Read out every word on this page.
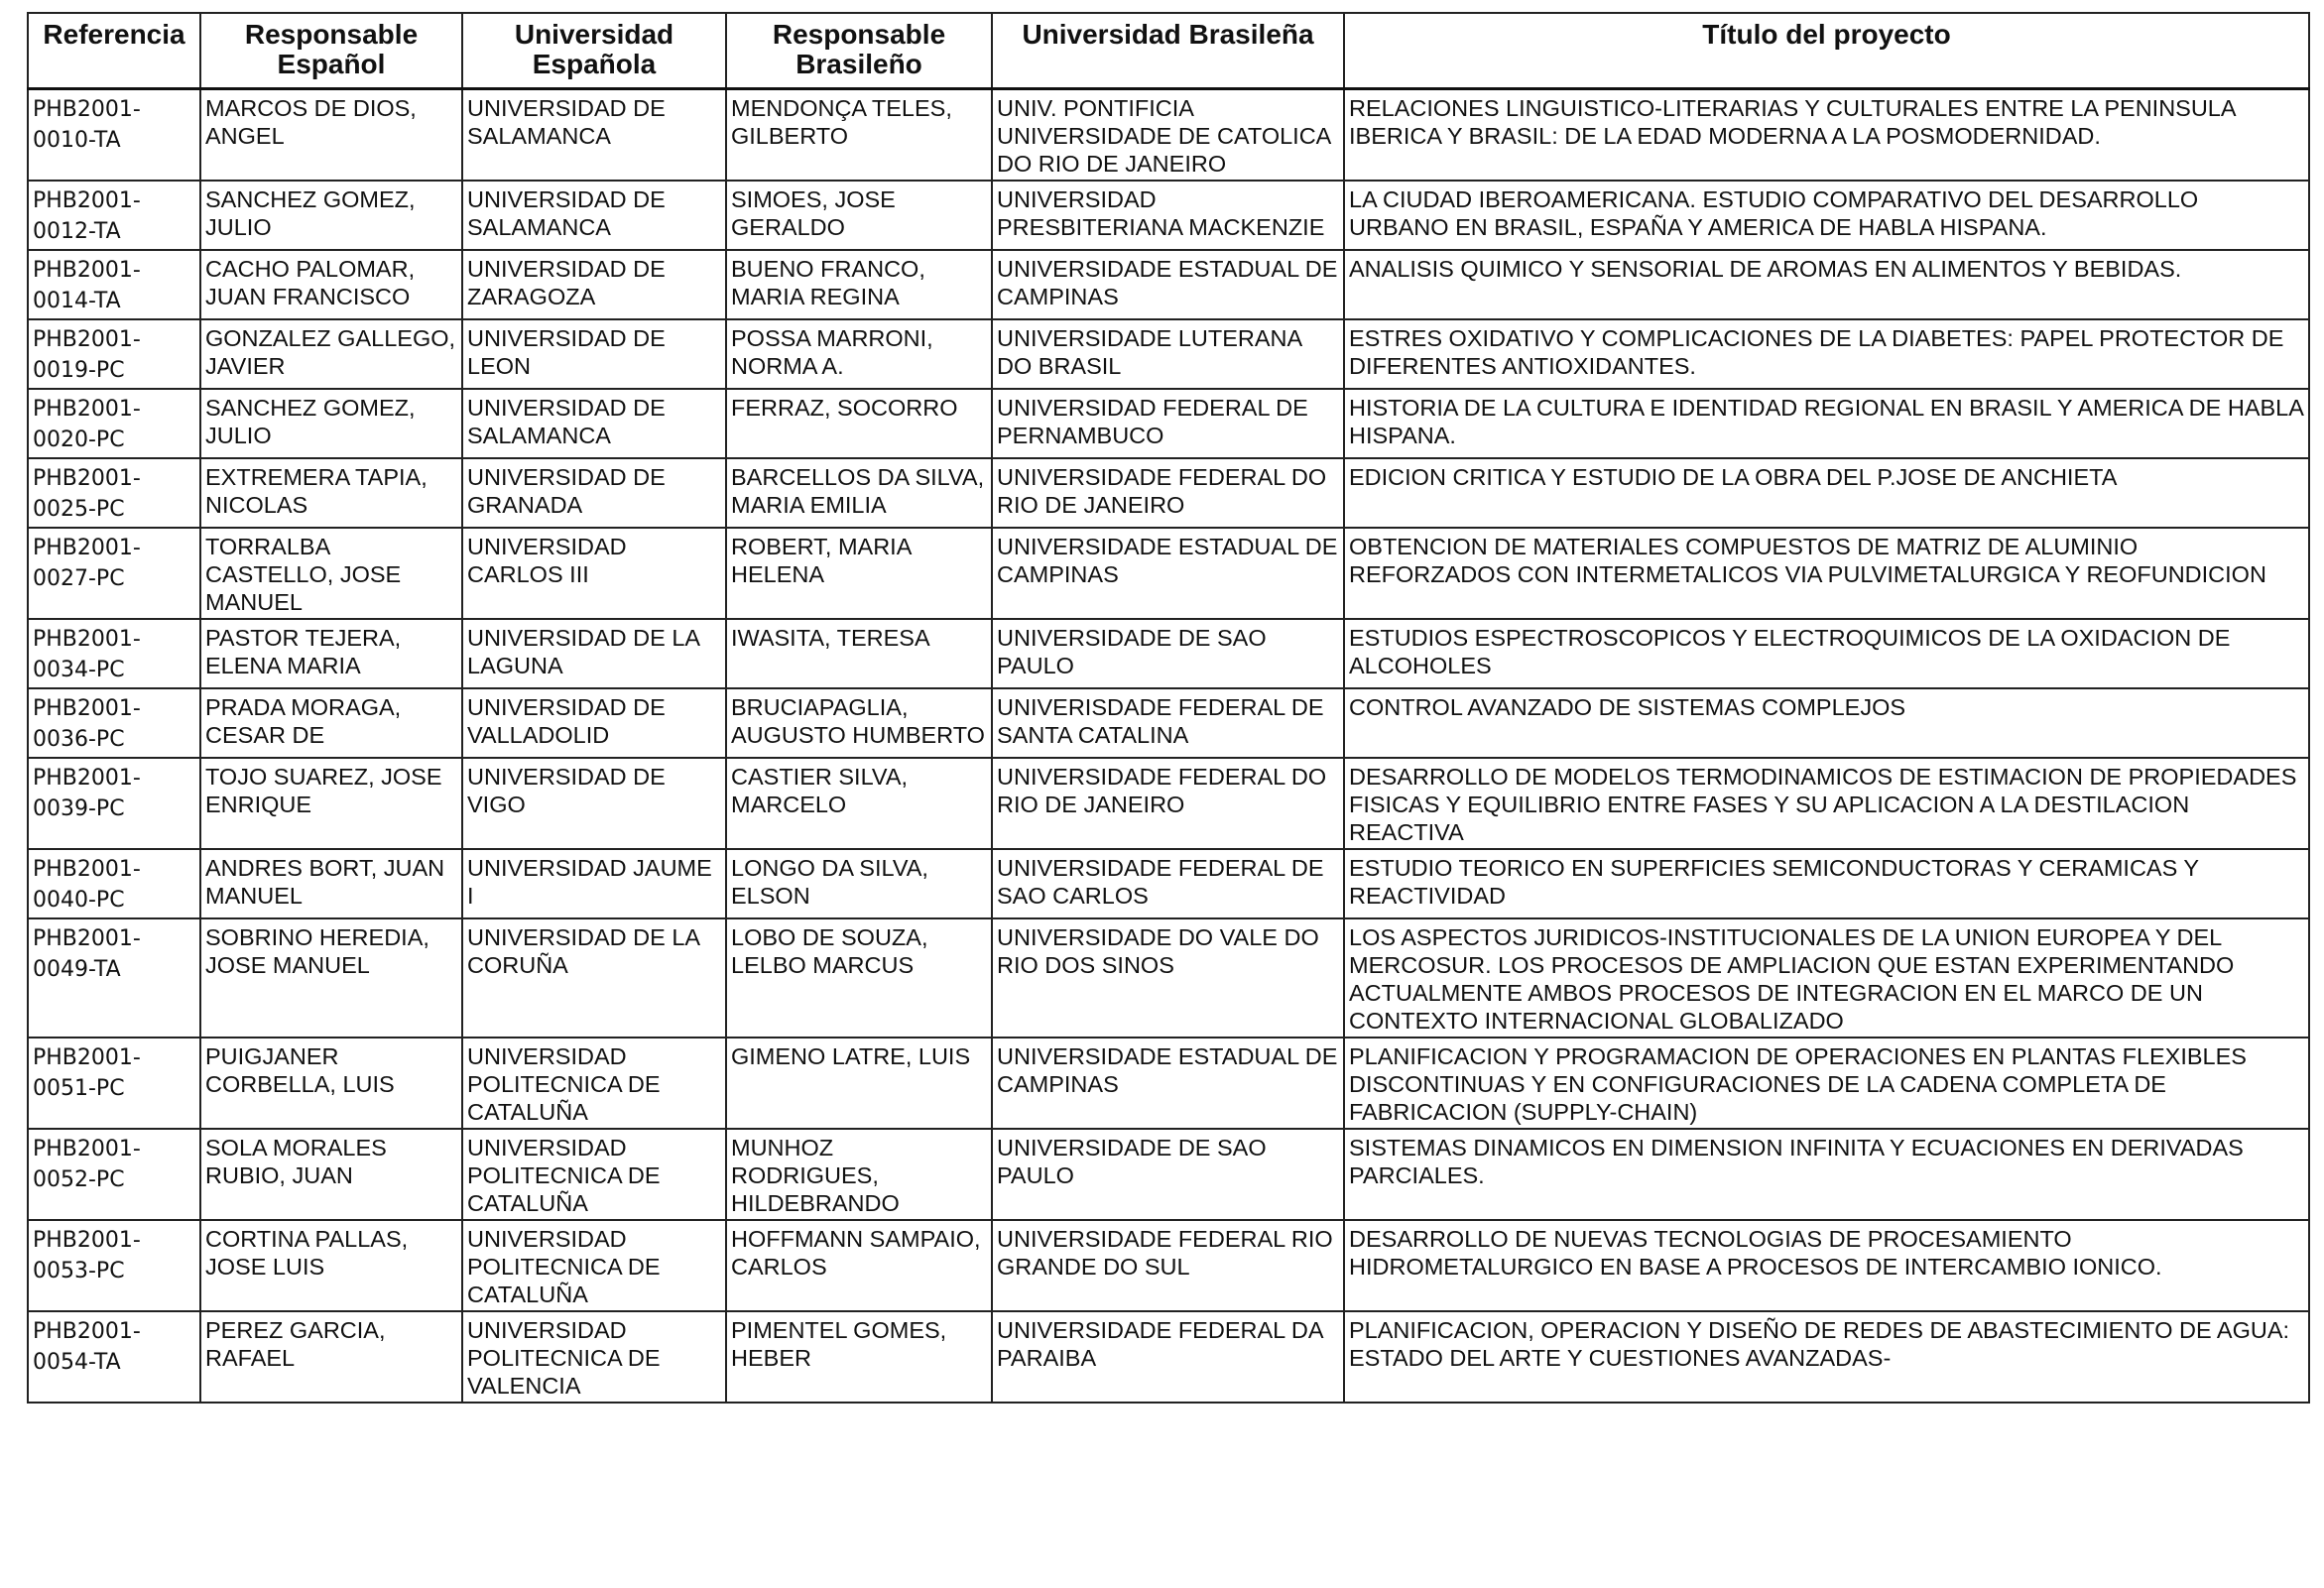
Referencia	Responsable Español	Universidad Española	Responsable Brasileño	Universidad Brasileña	Título del proyecto
PHB2001-0010-TA	MARCOS DE DIOS, ANGEL	UNIVERSIDAD DE SALAMANCA	MENDONÇA TELES, GILBERTO	UNIV. PONTIFICIA UNIVERSIDADE DE CATOLICA DO RIO DE JANEIRO	RELACIONES LINGUISTICO-LITERARIAS Y CULTURALES ENTRE LA PENINSULA IBERICA Y BRASIL: DE LA EDAD MODERNA A LA POSMODERNIDAD.
PHB2001-0012-TA	SANCHEZ GOMEZ, JULIO	UNIVERSIDAD DE SALAMANCA	SIMOES, JOSE GERALDO	UNIVERSIDAD PRESBITERIANA MACKENZIE	LA CIUDAD IBEROAMERICANA. ESTUDIO COMPARATIVO DEL DESARROLLO URBANO EN BRASIL, ESPAÑA Y AMERICA DE HABLA HISPANA.
PHB2001-0014-TA	CACHO PALOMAR, JUAN FRANCISCO	UNIVERSIDAD DE ZARAGOZA	BUENO FRANCO, MARIA REGINA	UNIVERSIDADE ESTADUAL DE CAMPINAS	ANALISIS QUIMICO Y SENSORIAL DE AROMAS EN ALIMENTOS Y BEBIDAS.
PHB2001-0019-PC	GONZALEZ GALLEGO, JAVIER	UNIVERSIDAD DE LEON	POSSA MARRONI, NORMA A.	UNIVERSIDADE LUTERANA DO BRASIL	ESTRES OXIDATIVO Y COMPLICACIONES DE LA DIABETES: PAPEL PROTECTOR DE DIFERENTES ANTIOXIDANTES.
PHB2001-0020-PC	SANCHEZ GOMEZ, JULIO	UNIVERSIDAD DE SALAMANCA	FERRAZ, SOCORRO	UNIVERSIDAD FEDERAL DE PERNAMBUCO	HISTORIA DE LA CULTURA E IDENTIDAD REGIONAL EN BRASIL Y AMERICA DE HABLA HISPANA.
PHB2001-0025-PC	EXTREMERA TAPIA, NICOLAS	UNIVERSIDAD DE GRANADA	BARCELLOS DA SILVA, MARIA EMILIA	UNIVERSIDADE FEDERAL DO RIO DE JANEIRO	EDICION CRITICA Y ESTUDIO DE LA OBRA DEL P.JOSE DE ANCHIETA
PHB2001-0027-PC	TORRALBA CASTELLO, JOSE MANUEL	UNIVERSIDAD CARLOS III	ROBERT, MARIA HELENA	UNIVERSIDADE ESTADUAL DE CAMPINAS	OBTENCION DE MATERIALES COMPUESTOS DE MATRIZ DE ALUMINIO REFORZADOS CON INTERMETALICOS VIA PULVIMETALURGICA Y REOFUNDICION
PHB2001-0034-PC	PASTOR TEJERA, ELENA MARIA	UNIVERSIDAD DE LA LAGUNA	IWASITA, TERESA	UNIVERSIDADE DE SAO PAULO	ESTUDIOS ESPECTROSCOPICOS Y ELECTROQUIMICOS DE LA OXIDACION DE ALCOHOLES
PHB2001-0036-PC	PRADA MORAGA, CESAR DE	UNIVERSIDAD DE VALLADOLID	BRUCIAPAGLIA, AUGUSTO HUMBERTO	UNIVERISDADE FEDERAL DE SANTA CATALINA	CONTROL AVANZADO DE SISTEMAS COMPLEJOS
PHB2001-0039-PC	TOJO SUAREZ, JOSE ENRIQUE	UNIVERSIDAD DE VIGO	CASTIER SILVA, MARCELO	UNIVERSIDADE FEDERAL DO RIO DE JANEIRO	DESARROLLO DE MODELOS TERMODINAMICOS DE ESTIMACION DE PROPIEDADES FISICAS Y EQUILIBRIO ENTRE FASES Y SU APLICACION A LA DESTILACION REACTIVA
PHB2001-0040-PC	ANDRES BORT, JUAN MANUEL	UNIVERSIDAD JAUME I	LONGO DA SILVA, ELSON	UNIVERSIDADE FEDERAL DE SAO CARLOS	ESTUDIO TEORICO EN SUPERFICIES SEMICONDUCTORAS Y CERAMICAS Y REACTIVIDAD
PHB2001-0049-TA	SOBRINO HEREDIA, JOSE MANUEL	UNIVERSIDAD DE LA CORUÑA	LOBO DE SOUZA, LELBO MARCUS	UNIVERSIDADE DO VALE DO RIO DOS SINOS	LOS ASPECTOS JURIDICOS-INSTITUCIONALES DE LA UNION EUROPEA Y DEL MERCOSUR. LOS PROCESOS DE AMPLIACION QUE ESTAN EXPERIMENTANDO ACTUALMENTE AMBOS PROCESOS DE INTEGRACION EN EL MARCO DE UN CONTEXTO INTERNACIONAL GLOBALIZADO
PHB2001-0051-PC	PUIGJANER CORBELLA, LUIS	UNIVERSIDAD POLITECNICA DE CATALUÑA	GIMENO LATRE, LUIS	UNIVERSIDADE ESTADUAL DE CAMPINAS	PLANIFICACION Y PROGRAMACION DE OPERACIONES EN PLANTAS FLEXIBLES DISCONTINUAS Y EN CONFIGURACIONES DE LA CADENA COMPLETA DE FABRICACION (SUPPLY-CHAIN)
PHB2001-0052-PC	SOLA MORALES RUBIO, JUAN	UNIVERSIDAD POLITECNICA DE CATALUÑA	MUNHOZ RODRIGUES, HILDEBRANDO	UNIVERSIDADE DE SAO PAULO	SISTEMAS DINAMICOS EN DIMENSION INFINITA Y ECUACIONES EN DERIVADAS PARCIALES.
PHB2001-0053-PC	CORTINA PALLAS, JOSE LUIS	UNIVERSIDAD POLITECNICA DE CATALUÑA	HOFFMANN SAMPAIO, CARLOS	UNIVERSIDADE FEDERAL RIO GRANDE DO SUL	DESARROLLO DE NUEVAS TECNOLOGIAS DE PROCESAMIENTO HIDROMETALURGICO EN BASE A PROCESOS DE INTERCAMBIO IONICO.
PHB2001-0054-TA	PEREZ GARCIA, RAFAEL	UNIVERSIDAD POLITECNICA DE VALENCIA	PIMENTEL GOMES, HEBER	UNIVERSIDADE FEDERAL DA PARAIBA	PLANIFICACION, OPERACION Y DISEÑO DE REDES DE ABASTECIMIENTO DE AGUA: ESTADO DEL ARTE Y CUESTIONES AVANZADAS-
